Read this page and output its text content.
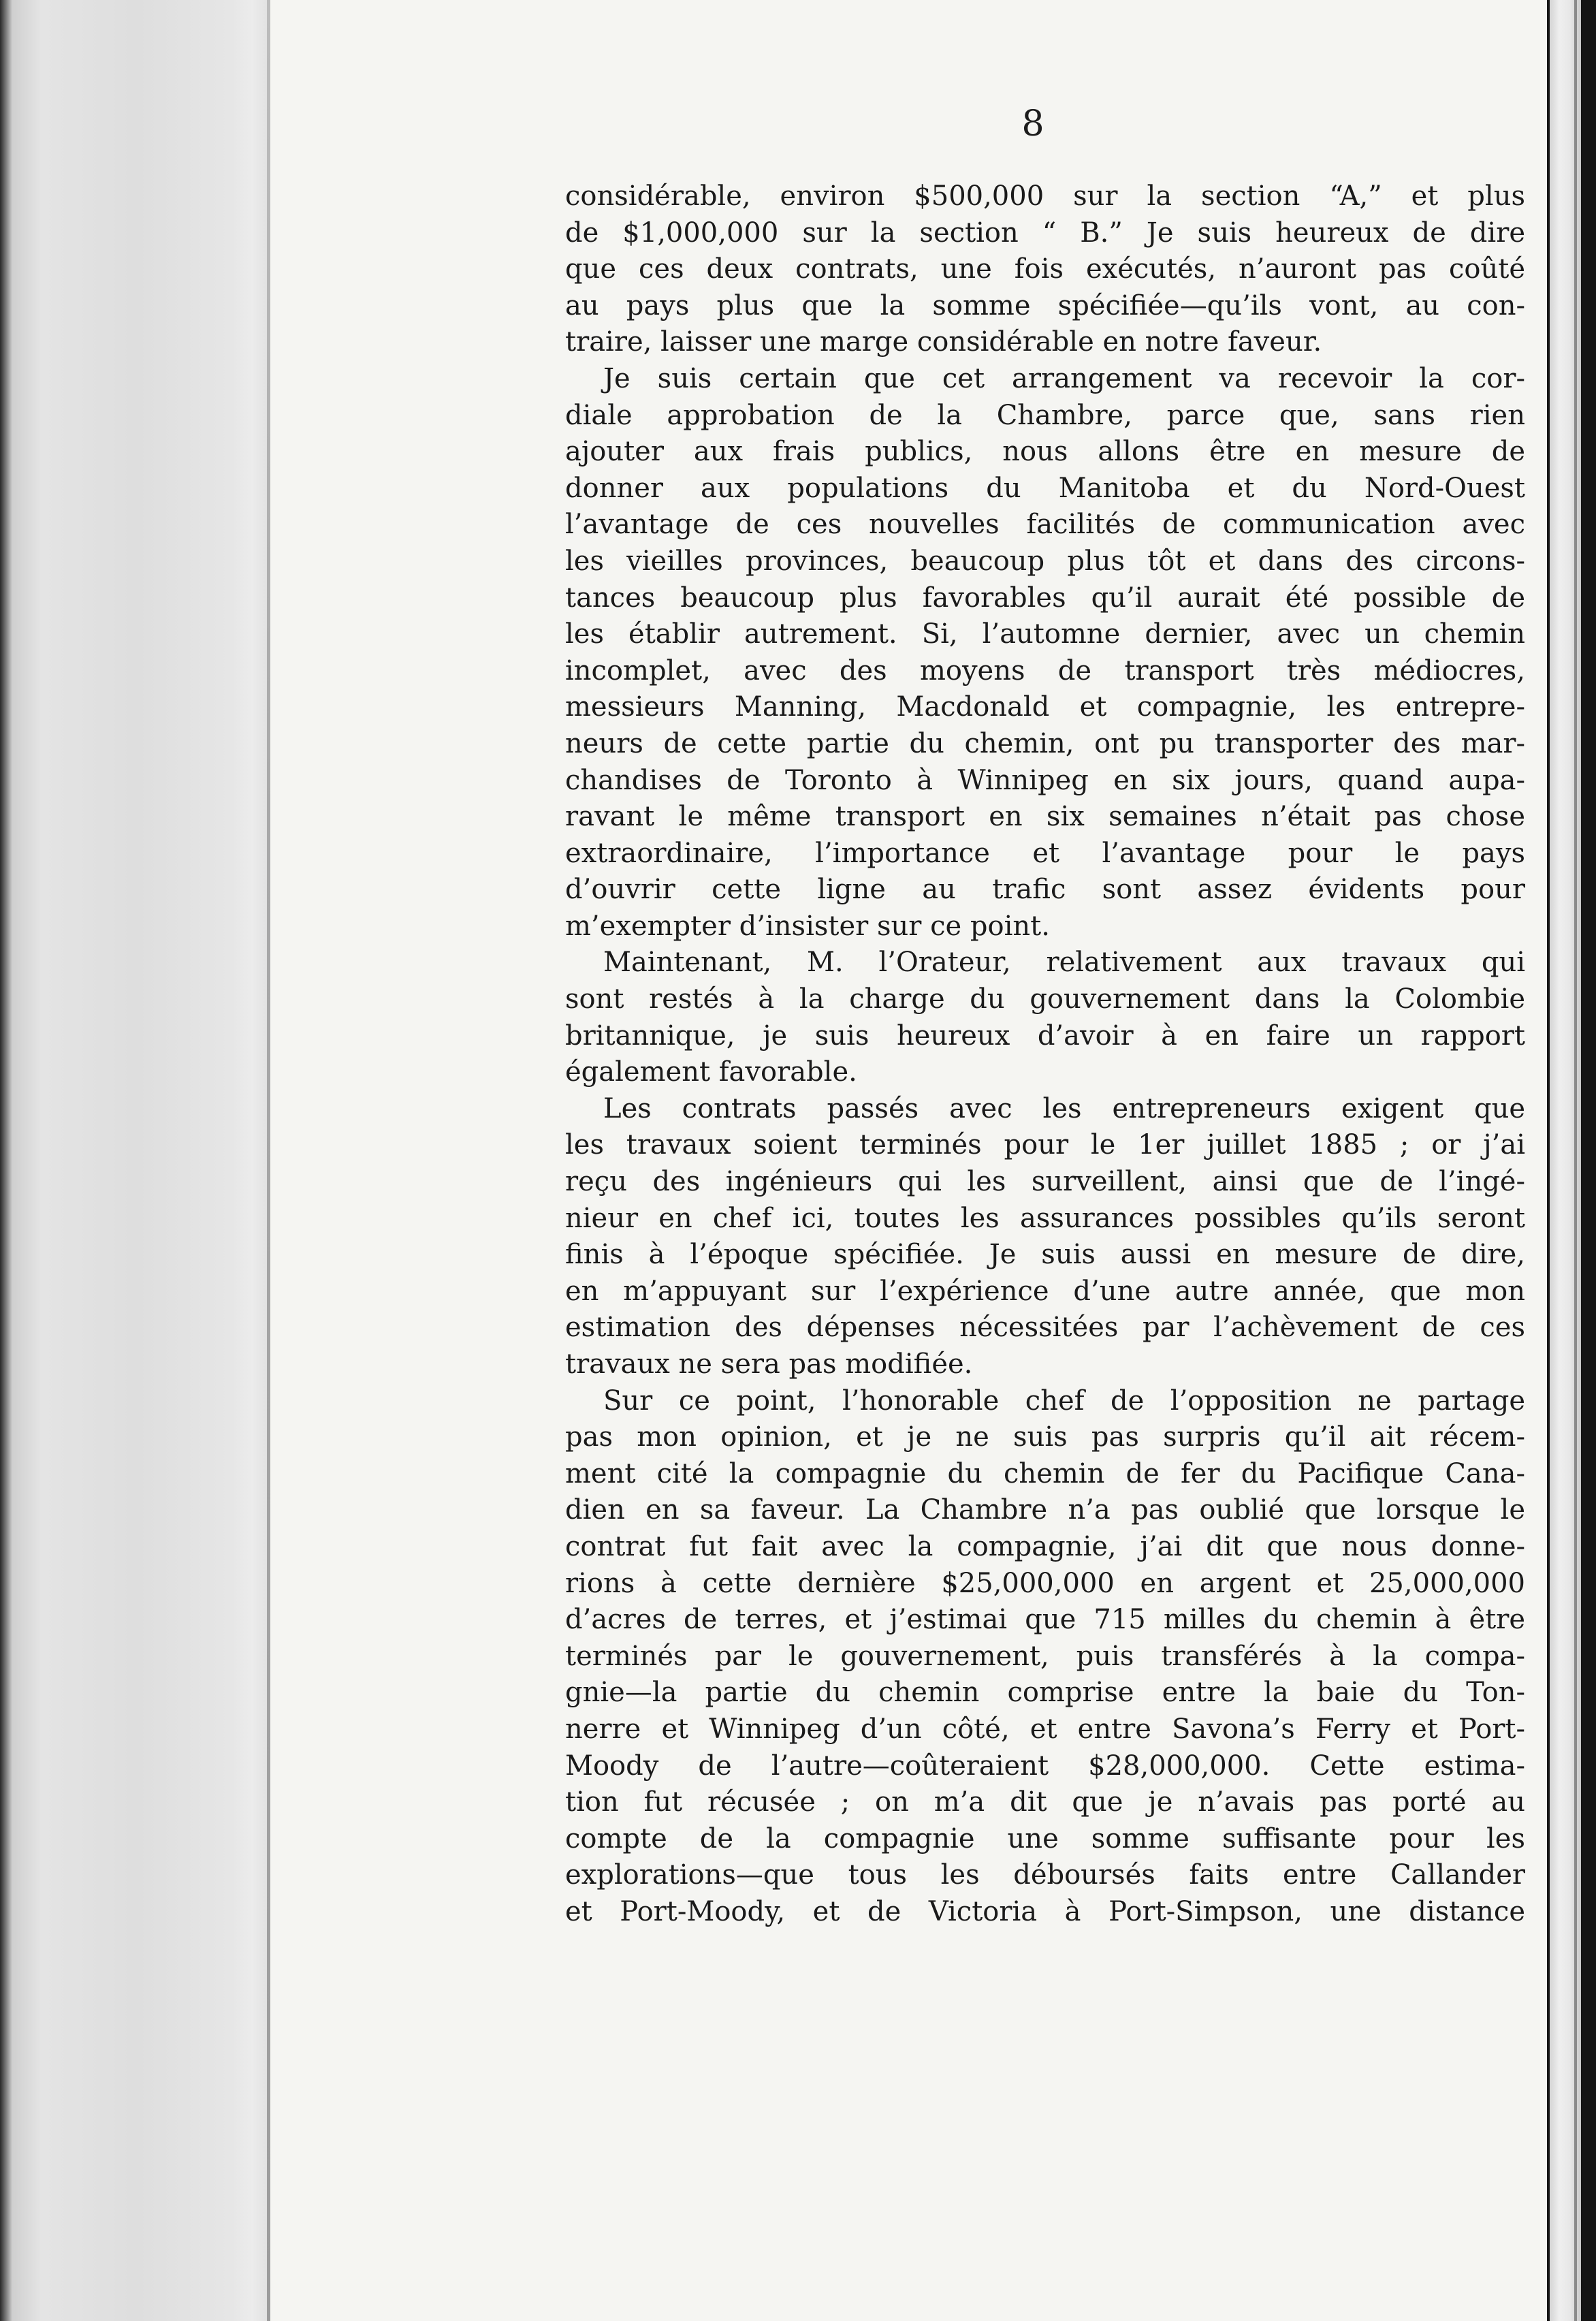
8

considérable, environ $500,000 sur la section “A,” et plus
de $1,000,000 sur la section “ B.” Je suis heureux de dire
que ces deux contrats, une fois exécutés, n’auront pas coûté
au pays plus que la somme spécifiée—qu’ils vont, au con-
traire, laisser une marge considérable en notre faveur.
Je suis certain que cet arrangement va recevoir la cor-
diale approbation de la Chambre, parce que, sans rien
ajouter aux frais publics, nous allons être en mesure de
donner aux populations du Manitoba et du Nord-Ouest
l’avantage de ces nouvelles facilités de communication avec
les vieilles provinces, beaucoup plus tôt et dans des circons-
tances beaucoup plus favorables qu’il aurait été possible de
les établir autrement. Si, l’automne dernier, avec un chemin
incomplet, avec des moyens de transport très médiocres,
messieurs Manning, Macdonald et compagnie, les entrepre-
neurs de cette partie du chemin, ont pu transporter des mar-
chandises de Toronto à Winnipeg en six jours, quand aupa-
ravant le même transport en six semaines n’était pas chose
extraordinaire, l’importance et l’avantage pour le pays
d’ouvrir cette ligne au trafic sont assez évidents pour
m’exempter d’insister sur ce point.
Maintenant, M. l’Orateur, relativement aux travaux qui
sont restés à la charge du gouvernement dans la Colombie
britannique, je suis heureux d’avoir à en faire un rapport
également favorable.
Les contrats passés avec les entrepreneurs exigent que
les travaux soient terminés pour le 1er juillet 1885 ; or j’ai
reçu des ingénieurs qui les surveillent, ainsi que de l’ingé-
nieur en chef ici, toutes les assurances possibles qu’ils seront
finis à l’époque spécifiée. Je suis aussi en mesure de dire,
en m’appuyant sur l’expérience d’une autre année, que mon
estimation des dépenses nécessitées par l’achèvement de ces
travaux ne sera pas modifiée.
Sur ce point, l’honorable chef de l’opposition ne partage
pas mon opinion, et je ne suis pas surpris qu’il ait récem-
ment cité la compagnie du chemin de fer du Pacifique Cana-
dien en sa faveur. La Chambre n’a pas oublié que lorsque le
contrat fut fait avec la compagnie, j’ai dit que nous donne-
rions à cette dernière $25,000,000 en argent et 25,000,000
d’acres de terres, et j’estimai que 715 milles du chemin à être
terminés par le gouvernement, puis transférés à la compa-
gnie—la partie du chemin comprise entre la baie du Ton-
nerre et Winnipeg d’un côté, et entre Savona’s Ferry et Port-
Moody de l’autre—coûteraient $28,000,000. Cette estima-
tion fut récusée ; on m’a dit que je n’avais pas porté au
compte de la compagnie une somme suffisante pour les
explorations—que tous les déboursés faits entre Callander
et Port-Moody, et de Victoria à Port-Simpson, une distance
